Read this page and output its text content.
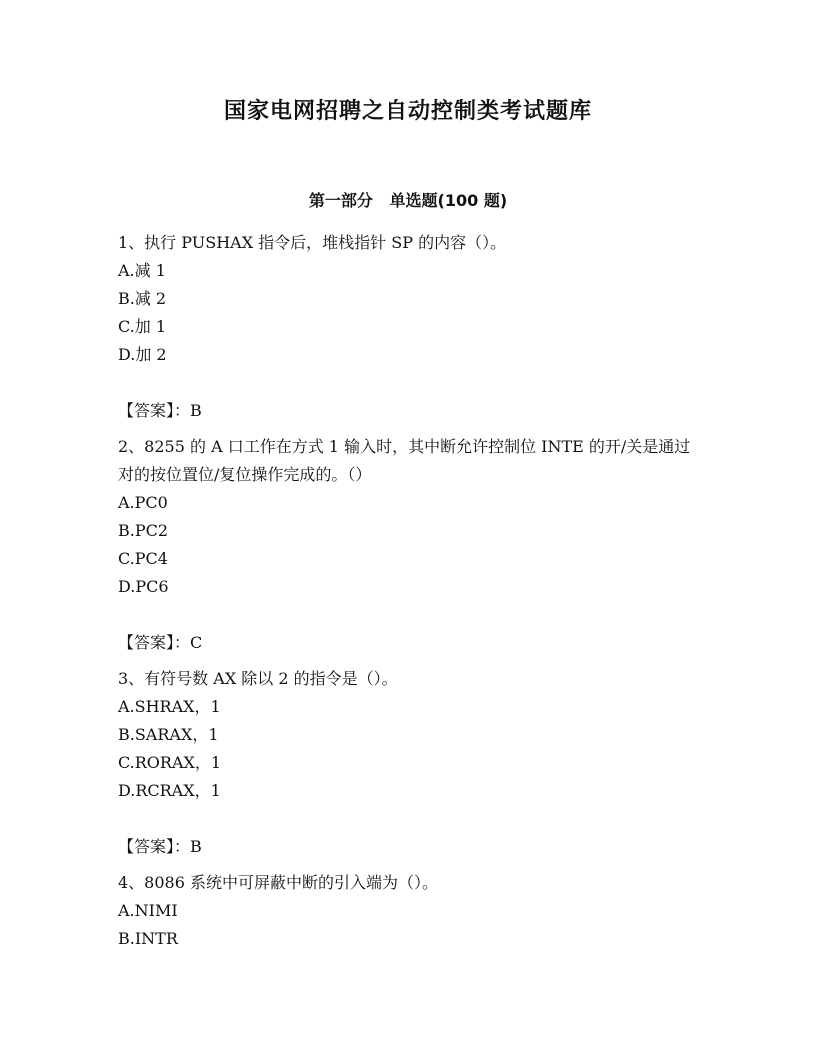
国家电网招聘之自动控制类考试题库
第一部分   单选题(100 题)

1、执行 PUSHAX 指令后，堆栈指针 SP 的内容（）。

A.减 1

B.减 2

C.加 1

D.加 2

【答案】：B

2、8255 的 A 口工作在方式 1 输入时，其中断允许控制位 INTE 的开/关是通过对的按位置位/复位操作完成的。（）

A.PC0

B.PC2

C.PC4

D.PC6

【答案】：C

3、有符号数 AX 除以 2 的指令是（）。

A.SHRAX，1

B.SARAX，1

C.RORAX，1

D.RCRAX，1

【答案】：B

4、8086 系统中可屏蔽中断的引入端为（）。

A.NIMI

B.INTR
